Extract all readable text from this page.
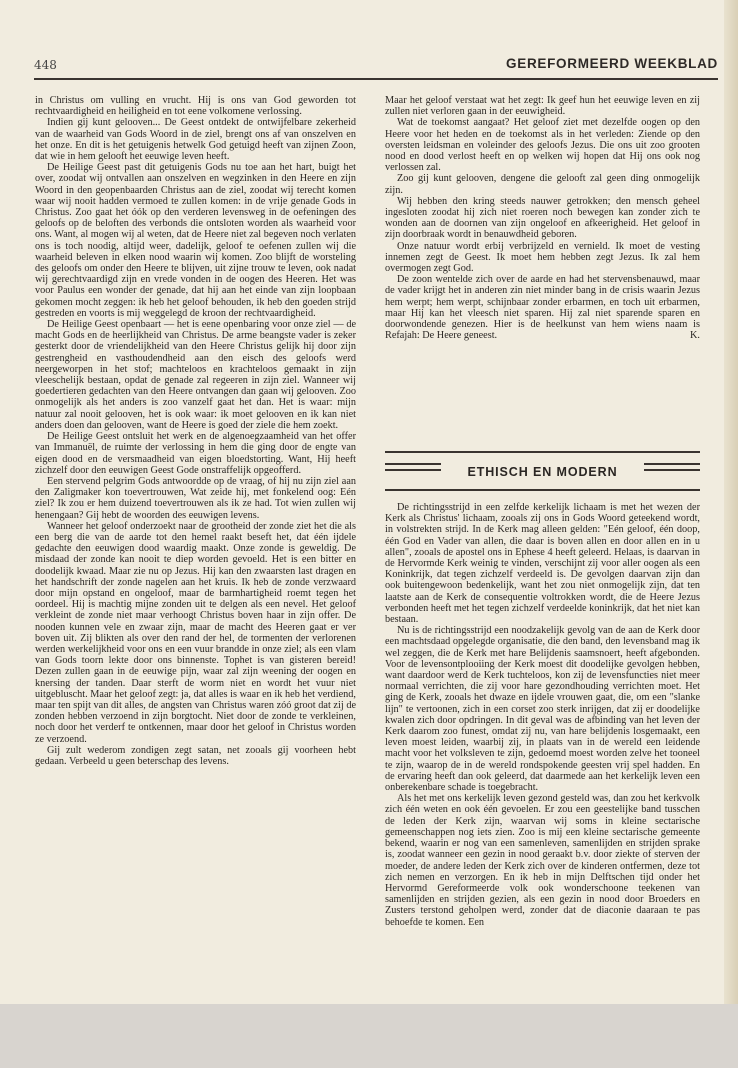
448	GEREFORMEERD WEEKBLAD

in Christus om vulling en vrucht. Hij is ons van God geworden tot rechtvaardigheid en heiligheid en tot eene volkomene verlossing.

Indien gij kunt gelooven... De Geest ontdekt de ontwijfelbare zekerheid van de waarheid van Gods Woord in de ziel, brengt ons af van onszelven en het onze. En dit is het getuigenis hetwelk God getuigd heeft van zijnen Zoon, dat wie in hem gelooft het eeuwige leven heeft.

De Heilige Geest past dit getuigenis Gods nu toe aan het hart, buigt het over, zoodat wij ontvallen aan onszelven en wegzinken in den Heere en zijn Woord in den geopenbaarden Christus aan de ziel, zoodat wij terecht komen waar wij nooit hadden vermoed te zullen komen: in de vrije genade Gods in Christus. Zoo gaat het óók op den verderen levensweg in de oefeningen des geloofs op de beloften des verbonds die ontsloten worden als waarheid voor ons. Want, al mogen wij al weten, dat de Heere niet zal begeven noch verlaten ons is toch noodig, altijd weer, dadelijk, geloof te oefenen zullen wij die waarheid beleven in elken nood waarin wij komen. Zoo blijft de worsteling des geloofs om onder den Heere te blijven, uit zijne trouw te leven, ook nadat wij gerechtvaardigd zijn en vrede vonden in de oogen des Heeren. Het was voor Paulus een wonder der genade, dat hij aan het einde van zijn loopbaan gekomen mocht zeggen: ik heb het geloof behouden, ik heb den goeden strijd gestreden en voorts is mij weggelegd de kroon der rechtvaardigheid.

De Heilige Geest openbaart — het is eene openbaring voor onze ziel — de macht Gods en de heerlijkheid van Christus. De arme beangste vader is zeker gesterkt door de vriendelijkheid van den Heere Christus gelijk hij door zijn gestrengheid en vasthoudendheid aan den eisch des geloofs werd neergeworpen in het stof; machteloos en krachteloos gemaakt in zijn vleeschelijk bestaan, opdat de genade zal regeeren in zijn ziel. Wanneer wij goedertieren gedachten van den Heere ontvangen dan gaan wij gelooven. Zoo onmogelijk als het anders is zoo vanzelf gaat het dan. Het is waar: mijn natuur zal nooit gelooven, het is ook waar: ik moet gelooven en ik kan niet anders doen dan gelooven, want de Heere is goed der ziele die hem zoekt.

De Heilige Geest ontsluit het werk en de algenoegzaamheid van het offer van Immanuël, de ruimte der verlossing in hem die ging door de engte van eigen dood en de versmaadheid van eigen bloedstorting. Want, Hij heeft zichzelf door den eeuwigen Geest Gode onstraffelijk opgeofferd.

Een stervend pelgrim Gods antwoordde op de vraag, of hij nu zijn ziel aan den Zaligmaker kon toevertrouwen, Wat zeide hij, met fonkelend oog: Eén ziel? Ik zou er hem duizend toevertrouwen als ik ze had. Tot wien zullen wij henengaan? Gij hebt de woorden des eeuwigen levens.

Wanneer het geloof onderzoekt naar de grootheid der zonde ziet het die als een berg die van de aarde tot den hemel raakt beseft het, dat één ijdele gedachte den eeuwigen dood waardig maakt. Onze zonde is geweldig. De misdaad der zonde kan nooit te diep worden gevoeld. Het is een bitter en doodelijk kwaad. Maar zie nu op Jezus. Hij kan den zwaarsten last dragen en het handschrift der zonde nagelen aan het kruis. Ik heb de zonde verzwaard door mijn opstand en ongeloof, maar de barmhartigheid roemt tegen het oordeel. Hij is machtig mijne zonden uit te delgen als een nevel. Het geloof verkleint de zonde niet maar verhoogt Christus boven haar in zijn offer. De nooden kunnen vele en zwaar zijn, maar de macht des Heeren gaat er ver boven uit. Zij blikten als over den rand der hel, de tormenten der verlorenen werden werkelijkheid voor ons en een vuur brandde in onze ziel; als een vlam van Gods toorn lekte door ons binnenste. Tophet is van gisteren bereid! Dezen zullen gaan in de eeuwige pijn, waar zal zijn weening der oogen en knersing der tanden. Daar sterft de worm niet en wordt het vuur niet uitgebluscht. Maar het geloof zegt: ja, dat alles is waar en ik heb het verdiend, maar ten spijt van dit alles, de angsten van Christus waren zóó groot dat zij de zonden hebben verzoend in zijn borgtocht. Niet door de zonde te verkleinen, noch door het verderf te ontkennen, maar door het geloof in Christus worden ze verzoend.

Gij zult wederom zondigen zegt satan, net zooals gij voorheen hebt gedaan. Verbeeld u geen beterschap des levens.

Maar het geloof verstaat wat het zegt: Ik geef hun het eeuwige leven en zij zullen niet verloren gaan in der eeuwigheid.

Wat de toekomst aangaat? Het geloof ziet met dezelfde oogen op den Heere voor het heden en de toekomst als in het verleden: Ziende op den oversten leidsman en voleinder des geloofs Jezus. Die ons uit zoo grooten nood en dood verlost heeft en op welken wij hopen dat Hij ons ook nog verlossen zal.

Zoo gij kunt gelooven, dengene die gelooft zal geen ding onmogelijk zijn.

Wij hebben den kring steeds nauwer getrokken; den mensch geheel ingesloten zoodat hij zich niet roeren noch bewegen kan zonder zich te wonden aan de doornen van zijn ongeloof en afkeerigheid. Het geloof in zijn doorbraak wordt in benauwdheid geboren.

Onze natuur wordt erbij verbrijzeld en vernield. Ik moet de vesting innemen zegt de Geest. Ik moet hem hebben zegt Jezus. Ik zal hem overmogen zegt God.

De zoon wentelde zich over de aarde en had het stervensbenauwd, maar de vader krijgt het in anderen zin niet minder bang in de crisis waarin Jezus hem werpt; hem werpt, schijnbaar zonder erbarmen, en toch uit erbarmen, maar Hij kan het vleesch niet sparen. Hij zal niet sparende sparen en doorwondende genezen. Hier is de heelkunst van hem wiens naam is Refajah: De Heere geneest.	K.

ETHISCH EN MODERN

De richtingsstrijd in een zelfde kerkelijk lichaam is met het wezen der Kerk als Christus' lichaam, zooals zij ons in Gods Woord geteekend wordt, in volstrekten strijd. In de Kerk mag alleen gelden: "Eén geloof, één doop, één God en Vader van allen, die daar is boven allen en door allen en in u allen", zooals de apostel ons in Ephese 4 heeft geleerd. Helaas, is daarvan in de Hervormde Kerk weinig te vinden, verschijnt zij voor aller oogen als een Koninkrijk, dat tegen zichzelf verdeeld is. De gevolgen daarvan zijn dan ook buitengewoon bedenkelijk, want het zou niet onmogelijk zijn, dat ten laatste aan de Kerk de consequentie voltrokken wordt, die de Heere Jezus verbonden heeft met het tegen zichzelf verdeelde koninkrijk, dat het niet kan bestaan.

Nu is de richtingsstrijd een noodzakelijk gevolg van de aan de Kerk door een machtsdaad opgelegde organisatie, die den band, den levensband mag ik wel zeggen, die de Kerk met hare Belijdenis saamsnoert, heeft afgebonden. Voor de levensontplooiing der Kerk moest dit doodelijke gevolgen hebben, want daardoor werd de Kerk tuchteloos, kon zij de levensfuncties niet meer normaal verrichten, die zij voor hare gezondhouding verrichten moet. Het ging de Kerk, zooals het dwaze en ijdele vrouwen gaat, die, om een "slanke lijn" te vertoonen, zich in een corset zoo sterk inrijgen, dat zij er doodelijke kwalen zich door opdringen. In dit geval was de afbinding van het leven der Kerk daarom zoo funest, omdat zij nu, van hare belijdenis losgemaakt, een leven moest leiden, waarbij zij, in plaats van in de wereld een leidende macht voor het volksleven te zijn, gedoemd moest worden zelve het tooneel te zijn, waarop de in de wereld rondspokende geesten vrij spel hadden. En de ervaring heeft dan ook geleerd, dat daarmede aan het kerkelijk leven een onberekenbare schade is toegebracht.

Als het met ons kerkelijk leven gezond gesteld was, dan zou het kerkvolk zich één weten en ook één gevoelen. Er zou een geestelijke band tusschen de leden der Kerk zijn, waarvan wij soms in kleine sectarische gemeenschappen nog iets zien. Zoo is mij een kleine sectarische gemeente bekend, waarin er nog van een samenleven, samenlijden en strijden sprake is, zoodat wanneer een gezin in nood geraakt b.v. door ziekte of sterven der moeder, de andere leden der Kerk zich over de kinderen ontfermen, deze tot zich nemen en verzorgen. En ik heb in mijn Delftschen tijd onder het Hervormd Gereformeerde volk ook wonderschoone teekenen van samenlijden en strijden gezien, als een gezin in nood door Broeders en Zusters terstond geholpen werd, zonder dat de diaconie daaraan te pas behoefde te komen. Een
